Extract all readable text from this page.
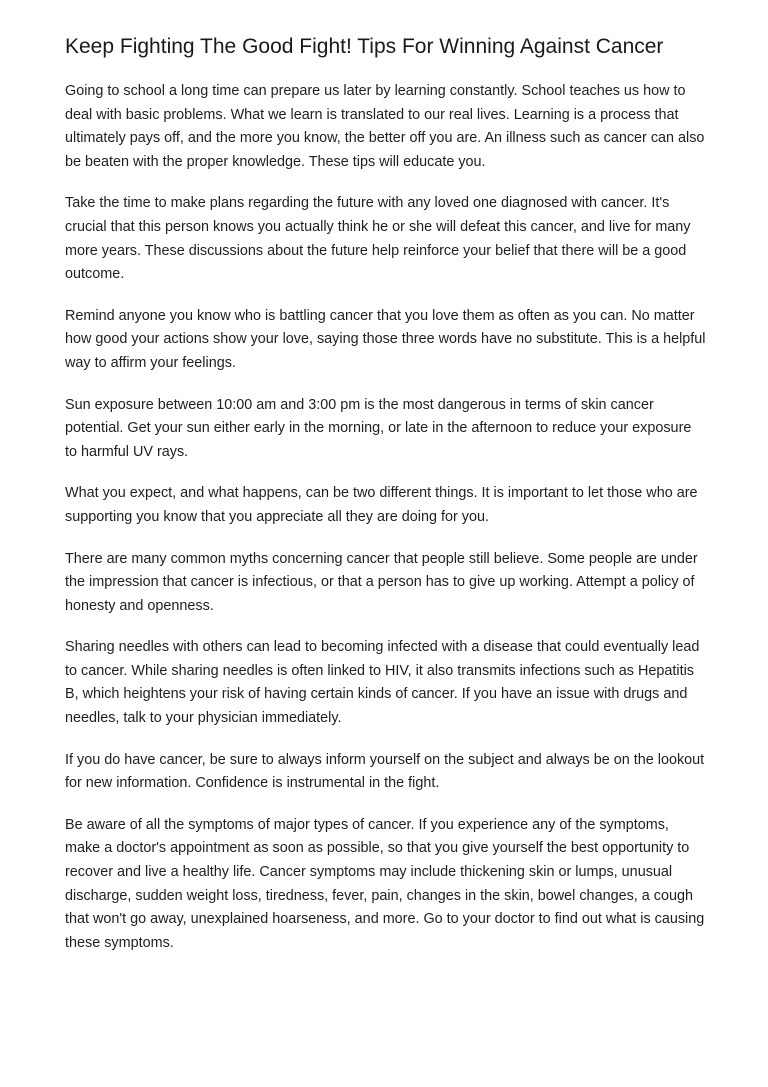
Keep Fighting The Good Fight! Tips For Winning Against Cancer

Going to school a long time can prepare us later by learning constantly. School teaches us how to deal with basic problems. What we learn is translated to our real lives. Learning is a process that ultimately pays off, and the more you know, the better off you are. An illness such as cancer can also be beaten with the proper knowledge. These tips will educate you.

Take the time to make plans regarding the future with any loved one diagnosed with cancer. It's crucial that this person knows you actually think he or she will defeat this cancer, and live for many more years. These discussions about the future help reinforce your belief that there will be a good outcome.

Remind anyone you know who is battling cancer that you love them as often as you can. No matter how good your actions show your love, saying those three words have no substitute. This is a helpful way to affirm your feelings.

Sun exposure between 10:00 am and 3:00 pm is the most dangerous in terms of skin cancer potential. Get your sun either early in the morning, or late in the afternoon to reduce your exposure to harmful UV rays.

What you expect, and what happens, can be two different things. It is important to let those who are supporting you know that you appreciate all they are doing for you.

There are many common myths concerning cancer that people still believe. Some people are under the impression that cancer is infectious, or that a person has to give up working. Attempt a policy of honesty and openness.

Sharing needles with others can lead to becoming infected with a disease that could eventually lead to cancer. While sharing needles is often linked to HIV, it also transmits infections such as Hepatitis B, which heightens your risk of having certain kinds of cancer. If you have an issue with drugs and needles, talk to your physician immediately.

If you do have cancer, be sure to always inform yourself on the subject and always be on the lookout for new information. Confidence is instrumental in the fight.

Be aware of all the symptoms of major types of cancer. If you experience any of the symptoms, make a doctor's appointment as soon as possible, so that you give yourself the best opportunity to recover and live a healthy life. Cancer symptoms may include thickening skin or lumps, unusual discharge, sudden weight loss, tiredness, fever, pain, changes in the skin, bowel changes, a cough that won't go away, unexplained hoarseness, and more. Go to your doctor to find out what is causing these symptoms.
